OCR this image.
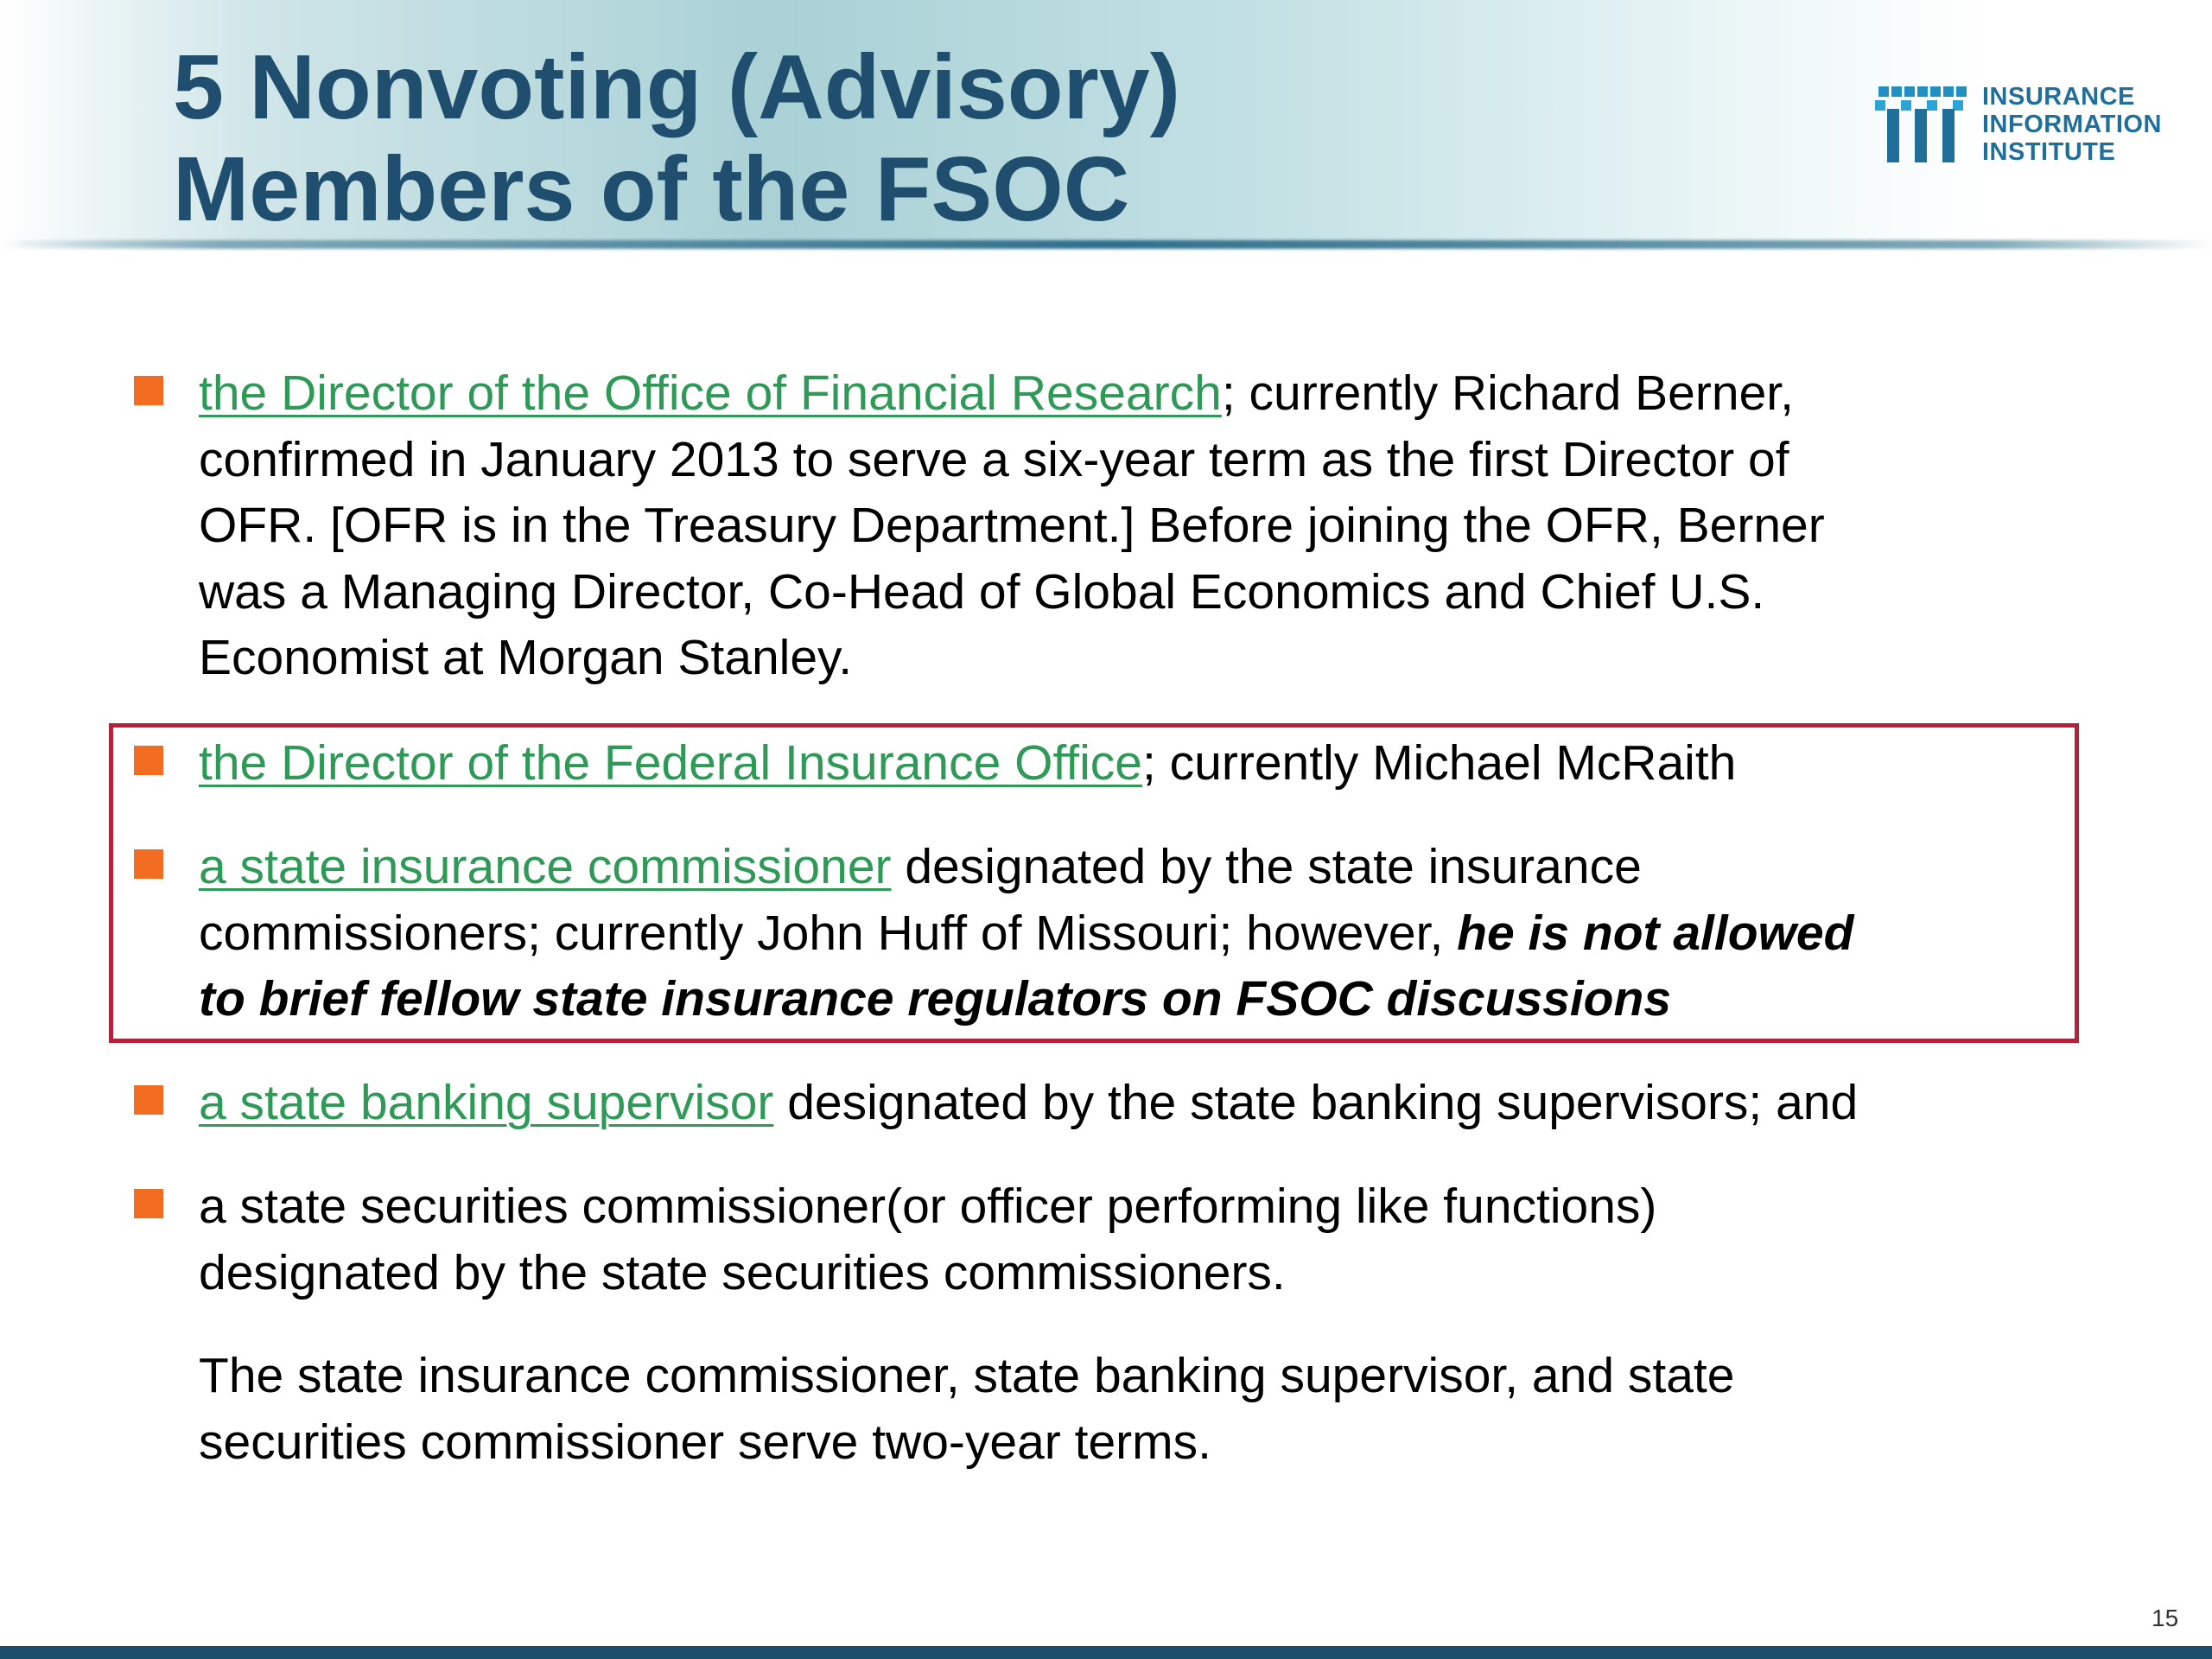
5 Nonvoting (Advisory)
Members of the FSOC
INSURANCE
INFORMATION
INSTITUTE
the Director of the Office of Financial Research; currently Richard Berner,
confirmed in January 2013 to serve a six-year term as the first Director of
OFR. [OFR is in the Treasury Department.] Before joining the OFR, Berner
was a Managing Director, Co-Head of Global Economics and Chief U.S.
Economist at Morgan Stanley.
the Director of the Federal Insurance Office; currently Michael McRaith
a state insurance commissioner designated by the state insurance
commissioners; currently John Huff of Missouri; however, he is not allowed
to brief fellow state insurance regulators on FSOC discussions
a state banking supervisor designated by the state banking supervisors; and
a state securities commissioner(or officer performing like functions)
designated by the state securities commissioners.
The state insurance commissioner, state banking supervisor, and state
securities commissioner serve two-year terms.
15
